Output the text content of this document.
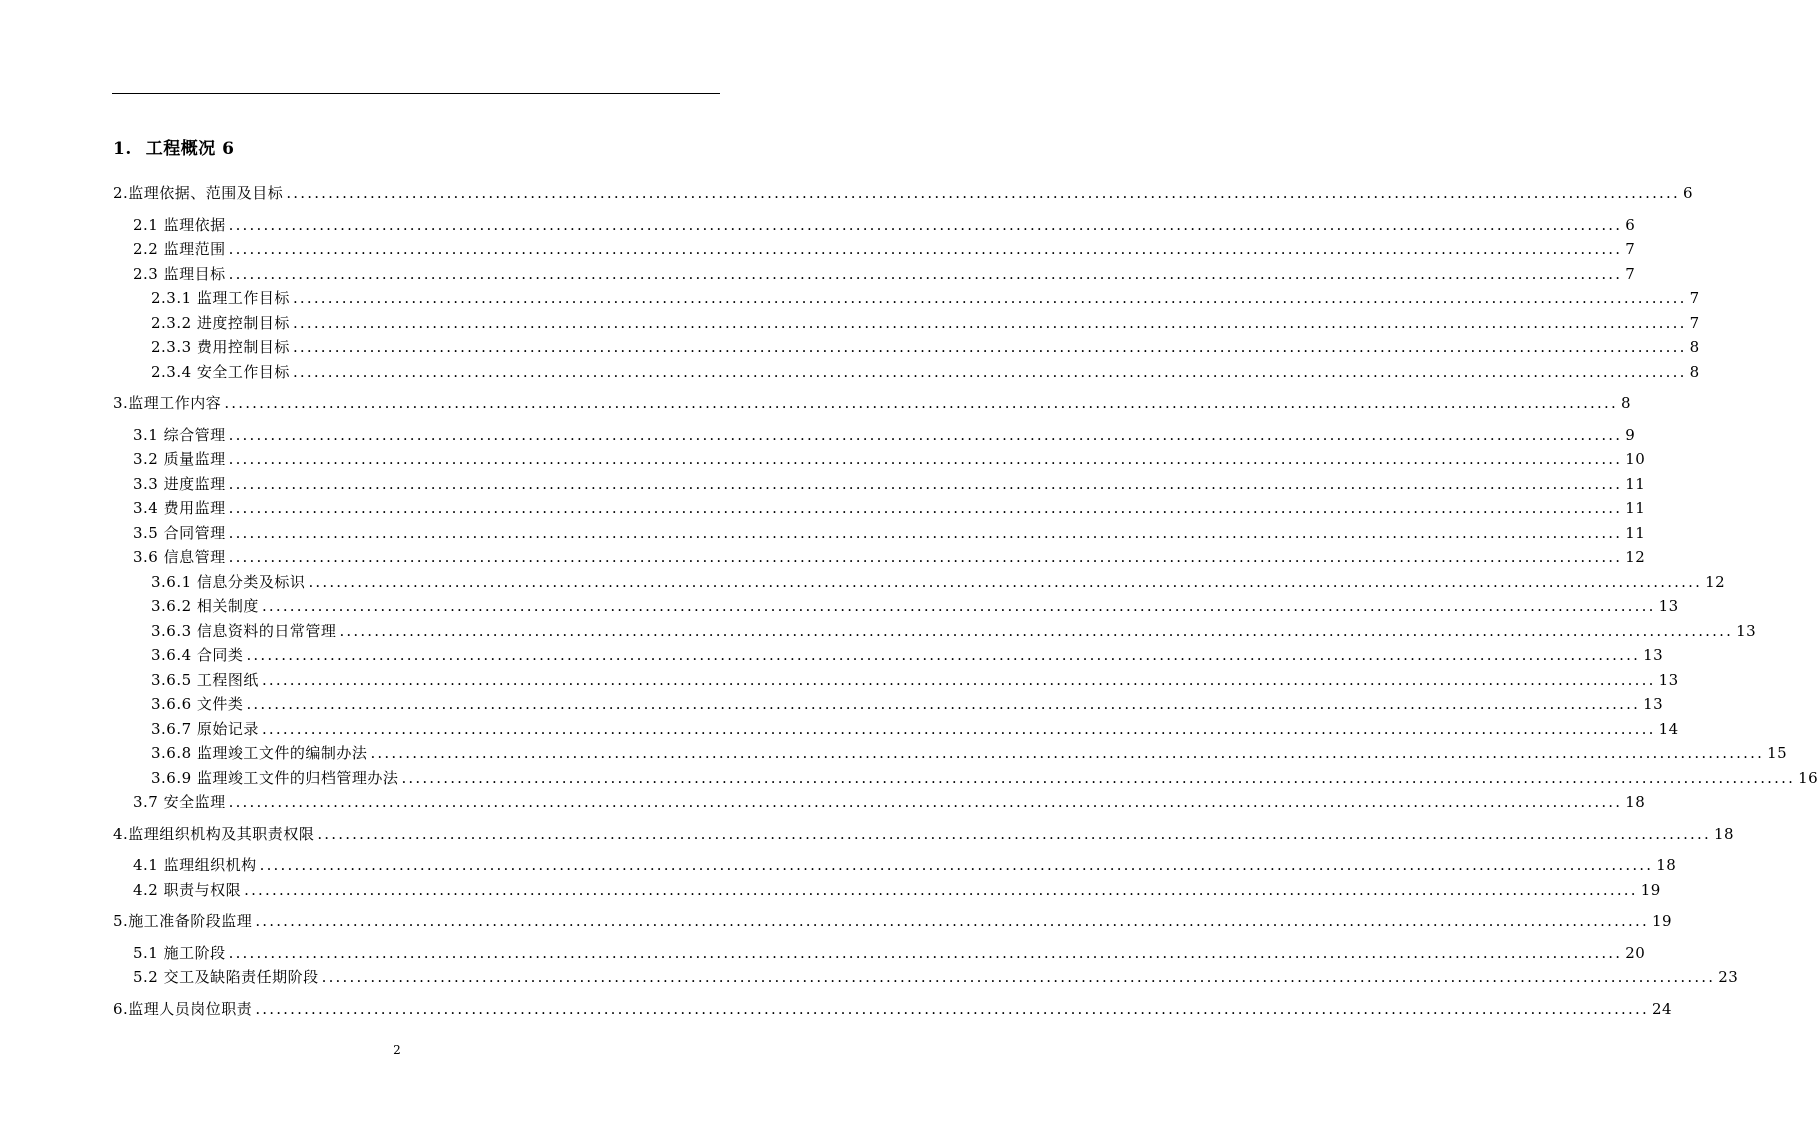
1. 工程概况 6
2.监理依据、范围及目标 ........................................................................................................................................................................................................ 6
2.1 监理依据 ........................................................................................................................................................................................................ 6
2.2 监理范围 ........................................................................................................................................................................................................ 7
2.3 监理目标 ........................................................................................................................................................................................................ 7
2.3.1 监理工作目标 ........................................................................................................................................................................................................ 7
2.3.2 进度控制目标 ........................................................................................................................................................................................................ 7
2.3.3 费用控制目标 ........................................................................................................................................................................................................ 8
2.3.4 安全工作目标 ........................................................................................................................................................................................................ 8
3.监理工作内容 ........................................................................................................................................................................................................ 8
3.1 综合管理 ........................................................................................................................................................................................................ 9
3.2 质量监理 ........................................................................................................................................................................................................ 10
3.3 进度监理 ........................................................................................................................................................................................................ 11
3.4 费用监理 ........................................................................................................................................................................................................ 11
3.5 合同管理 ........................................................................................................................................................................................................ 11
3.6 信息管理 ........................................................................................................................................................................................................ 12
3.6.1 信息分类及标识 ........................................................................................................................................................................................................ 12
3.6.2 相关制度 ........................................................................................................................................................................................................ 13
3.6.3 信息资料的日常管理 ........................................................................................................................................................................................................ 13
3.6.4 合同类 ........................................................................................................................................................................................................ 13
3.6.5 工程图纸 ........................................................................................................................................................................................................ 13
3.6.6 文件类 ........................................................................................................................................................................................................ 13
3.6.7 原始记录 ........................................................................................................................................................................................................ 14
3.6.8 监理竣工文件的编制办法 ........................................................................................................................................................................................................ 15
3.6.9 监理竣工文件的归档管理办法 ........................................................................................................................................................................................................ 16
3.7 安全监理 ........................................................................................................................................................................................................ 18
4.监理组织机构及其职责权限 ........................................................................................................................................................................................................ 18
4.1 监理组织机构 ........................................................................................................................................................................................................ 18
4.2 职责与权限 ........................................................................................................................................................................................................ 19
5.施工准备阶段监理 ........................................................................................................................................................................................................ 19
5.1 施工阶段 ........................................................................................................................................................................................................ 20
5.2 交工及缺陷责任期阶段 ........................................................................................................................................................................................................ 23
6.监理人员岗位职责 ........................................................................................................................................................................................................ 24
2
